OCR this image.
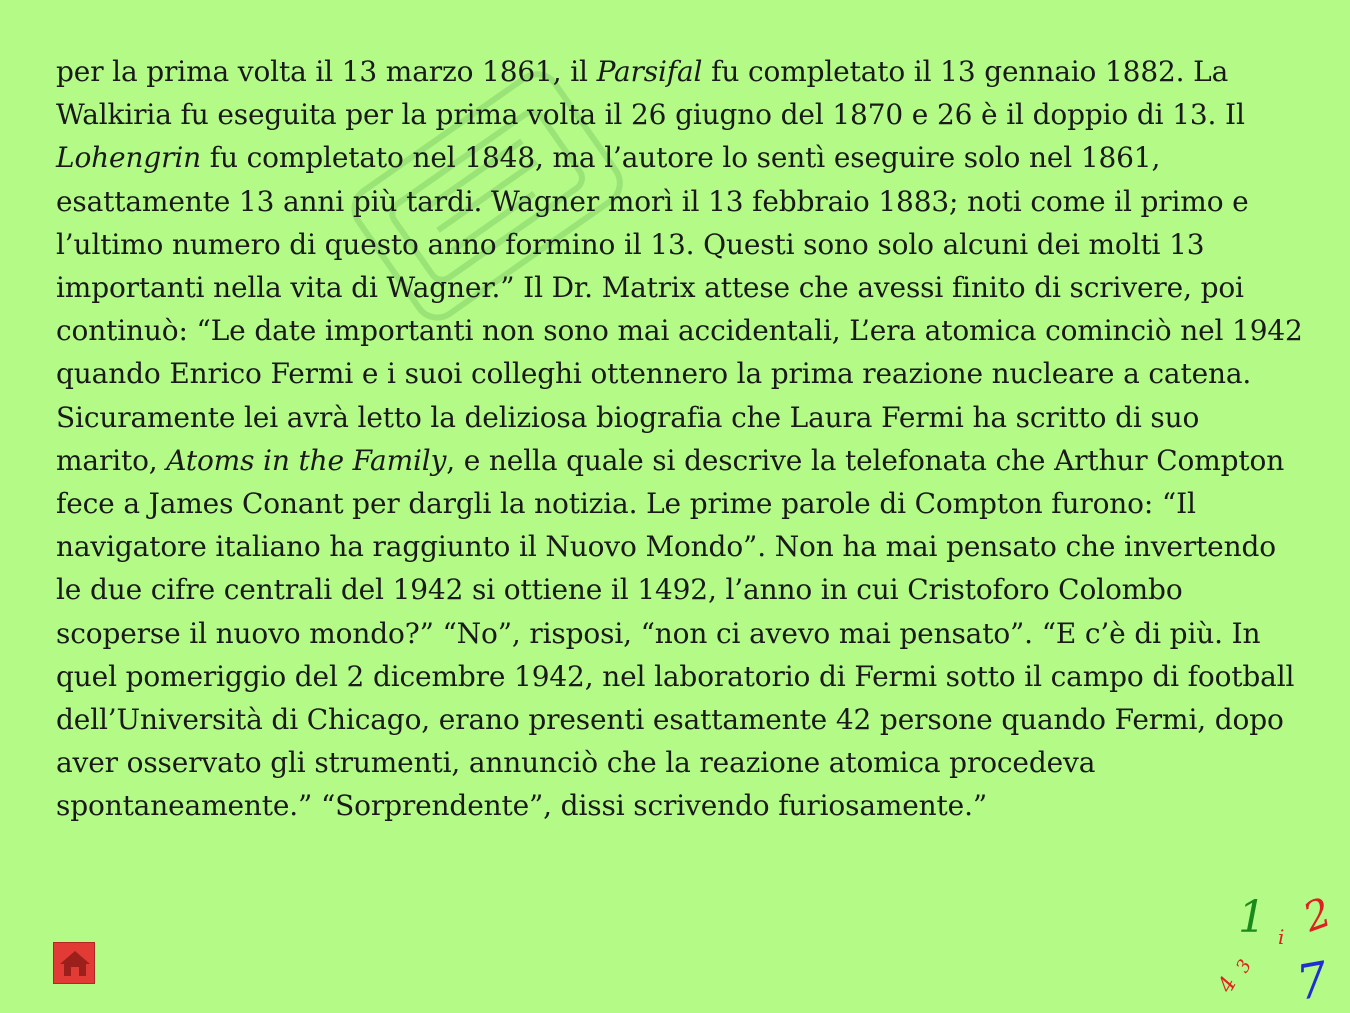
per la prima volta il 13 marzo 1861, il Parsifal fu completato il 13 gennaio 1882. La Walkiria fu eseguita per la prima volta il 26 giugno del 1870 e 26 è il doppio di 13. Il Lohengrin fu completato nel 1848, ma l’autore lo sentì eseguire solo nel 1861, esattamente 13 anni più tardi. Wagner morì il 13 febbraio 1883; noti come il primo e l’ultimo numero di questo anno formino il 13. Questi sono solo alcuni dei molti 13 importanti nella vita di Wagner.” Il Dr. Matrix attese che avessi finito di scrivere, poi continuò: “Le date importanti non sono mai accidentali, L’era atomica cominciò nel 1942 quando Enrico Fermi e i suoi colleghi ottennero la prima reazione nucleare a catena. Sicuramente lei avrà letto la deliziosa biografia che Laura Fermi ha scritto di suo marito, Atoms in the Family, e nella quale si descrive la telefonata che Arthur Compton fece a James Conant per dargli la notizia. Le prime parole di Compton furono: “Il navigatore italiano ha raggiunto il Nuovo Mondo”. Non ha mai pensato che invertendo le due cifre centrali del 1942 si ottiene il 1492, l’anno in cui Cristoforo Colombo scoperse il nuovo mondo?” “No”, risposi, “non ci avevo mai pensato”. “E c’è di più. In quel pomeriggio del 2 dicembre 1942, nel laboratorio di Fermi sotto il campo di football dell’Università di Chicago, erano presenti esattamente 42 persone quando Fermi, dopo aver osservato gli strumenti, annunciò che la reazione atomica procedeva spontaneamente.” “Sorprendente”, dissi scrivendo furiosamente.”

1 i 2
4
3 7
